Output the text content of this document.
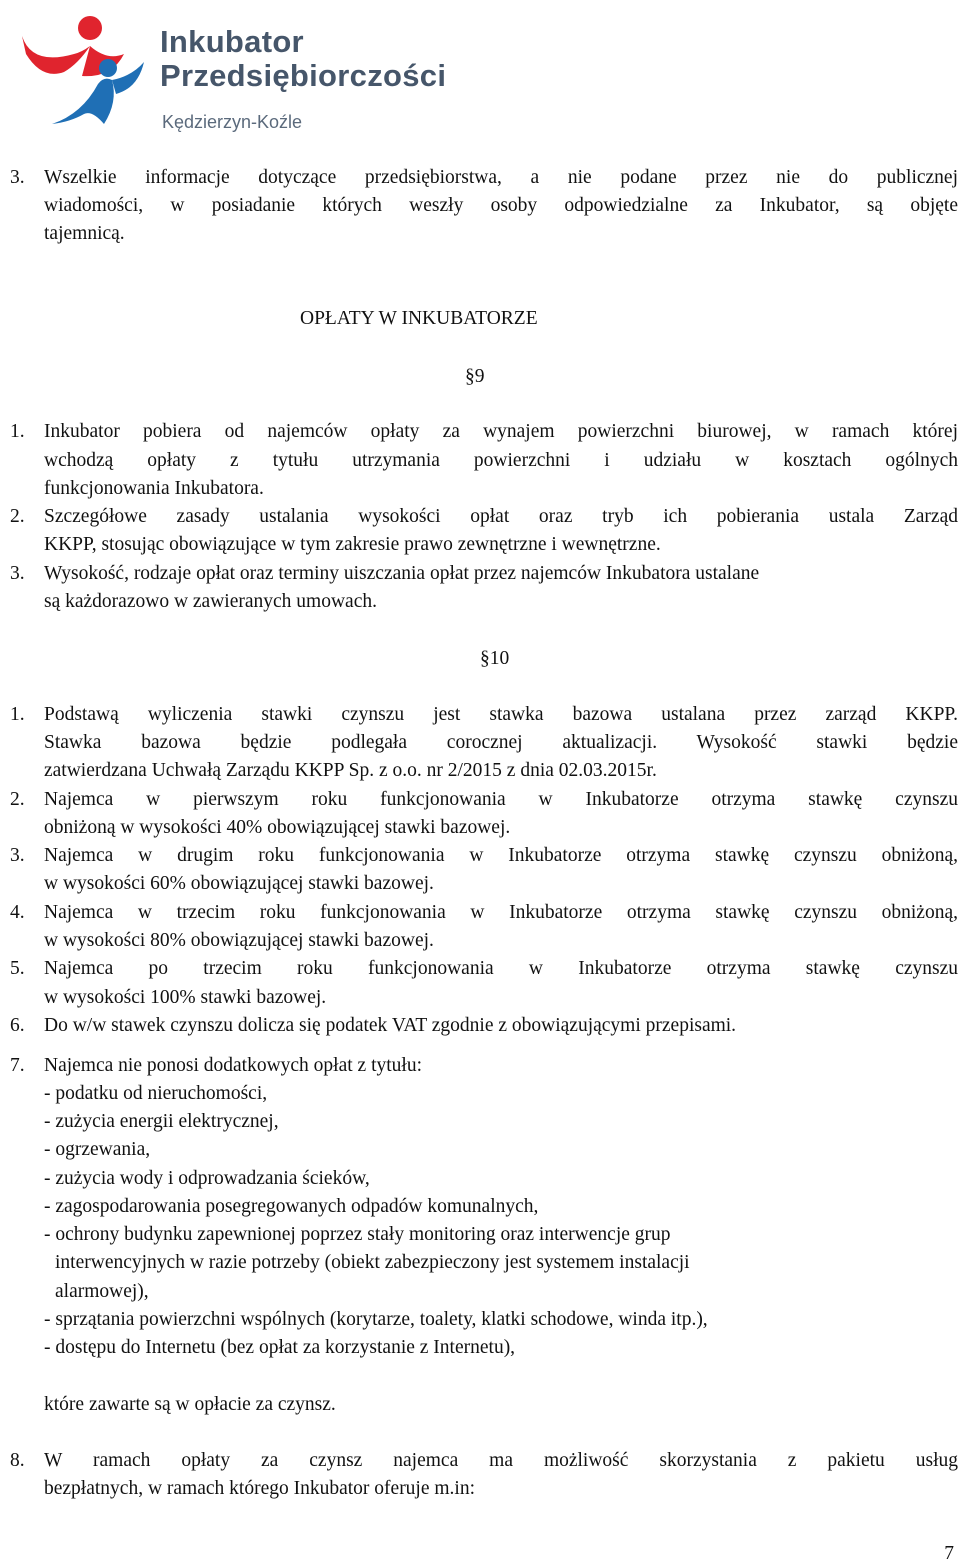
Inkubator
Przedsiębiorczości
Kędzierzyn-Koźle
3. Wszelkie informacje dotyczące przedsiębiorstwa, a nie podane przez nie do publicznej
wiadomości, w posiadanie których weszły osoby odpowiedzialne za Inkubator, są objęte
tajemnicą.
OPŁATY W INKUBATORZE
§9
1. Inkubator pobiera od najemców opłaty za wynajem powierzchni biurowej, w ramach której
wchodzą opłaty z tytułu utrzymania powierzchni i udziału w kosztach ogólnych
funkcjonowania Inkubatora.
2. Szczegółowe zasady ustalania wysokości opłat oraz tryb ich pobierania ustala Zarząd
KKPP, stosując obowiązujące w tym zakresie prawo zewnętrzne i wewnętrzne.
3. Wysokość, rodzaje opłat oraz terminy uiszczania opłat przez najemców Inkubatora ustalane
są każdorazowo w zawieranych umowach.
§10
1. Podstawą wyliczenia stawki czynszu jest stawka bazowa ustalana przez zarząd KKPP.
Stawka bazowa będzie podlegała corocznej aktualizacji. Wysokość stawki będzie
zatwierdzana Uchwałą Zarządu KKPP Sp. z o.o. nr 2/2015 z dnia 02.03.2015r.
2. Najemca w pierwszym roku funkcjonowania w Inkubatorze otrzyma stawkę czynszu
obniżoną w wysokości 40% obowiązującej stawki bazowej.
3. Najemca w drugim roku funkcjonowania w Inkubatorze otrzyma stawkę czynszu obniżoną,
w wysokości 60% obowiązującej stawki bazowej.
4. Najemca w trzecim roku funkcjonowania w Inkubatorze otrzyma stawkę czynszu obniżoną,
w wysokości 80% obowiązującej stawki bazowej.
5. Najemca po trzecim roku funkcjonowania w Inkubatorze otrzyma stawkę czynszu
w wysokości 100% stawki bazowej.
6. Do w/w stawek czynszu dolicza się podatek VAT zgodnie z obowiązującymi przepisami.
7. Najemca nie ponosi dodatkowych opłat z tytułu:
- podatku od nieruchomości,
- zużycia energii elektrycznej,
- ogrzewania,
- zużycia wody i odprowadzania ścieków,
- zagospodarowania posegregowanych odpadów komunalnych,
- ochrony budynku zapewnionej poprzez stały monitoring oraz interwencje grup
interwencyjnych w razie potrzeby (obiekt zabezpieczony jest systemem instalacji
alarmowej),
- sprzątania powierzchni wspólnych (korytarze, toalety, klatki schodowe, winda itp.),
- dostępu do Internetu (bez opłat za korzystanie z Internetu),
które zawarte są w opłacie za czynsz.
8. W ramach opłaty za czynsz najemca ma możliwość skorzystania z pakietu usług
bezpłatnych, w ramach którego Inkubator oferuje m.in:
7
